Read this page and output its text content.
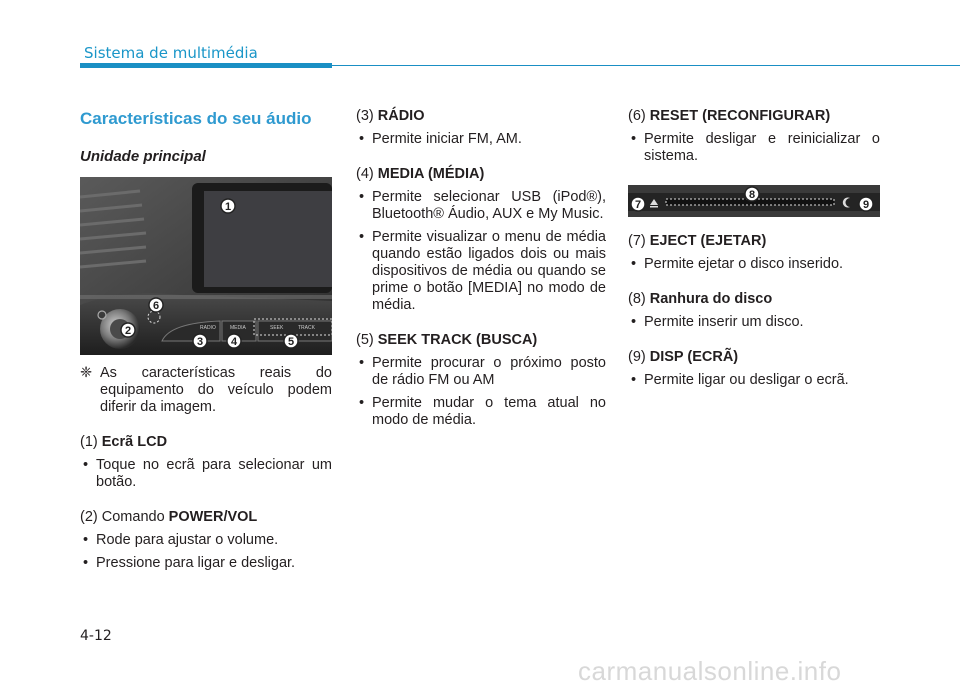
Sistema de multimédia
Características do seu áudio
Unidade principal
RADIO	MEDIA	SEEK	TRACK
1
2
3	4	5
6
❈ As características reais do equipamento do veículo podem diferir da imagem.
(1) Ecrã LCD
• Toque no ecrã para selecionar um botão.
(2) Comando POWER/VOL
• Rode para ajustar o volume.
• Pressione para ligar e desligar.
(3) RÁDIO
• Permite iniciar FM, AM.
(4) MEDIA (MÉDIA)
• Permite selecionar USB (iPod®), Bluetooth® Áudio, AUX e My Music.
• Permite visualizar o menu de média quando estão ligados dois ou mais dispositivos de média ou quando se prime o botão [MEDIA] no modo de média.
(5) SEEK TRACK (BUSCA)
• Permite procurar o próximo posto de rádio FM ou AM
• Permite mudar o tema atual no modo de média.
(6) RESET (RECONFIGURAR)
• Permite desligar e reinicializar o sistema.
7
8
9
(7) EJECT (EJETAR)
• Permite ejetar o disco inserido.
(8) Ranhura do disco
• Permite inserir um disco.
(9) DISP (ECRÃ)
• Permite ligar ou desligar o ecrã.
4-12
carmanualsonline.info
